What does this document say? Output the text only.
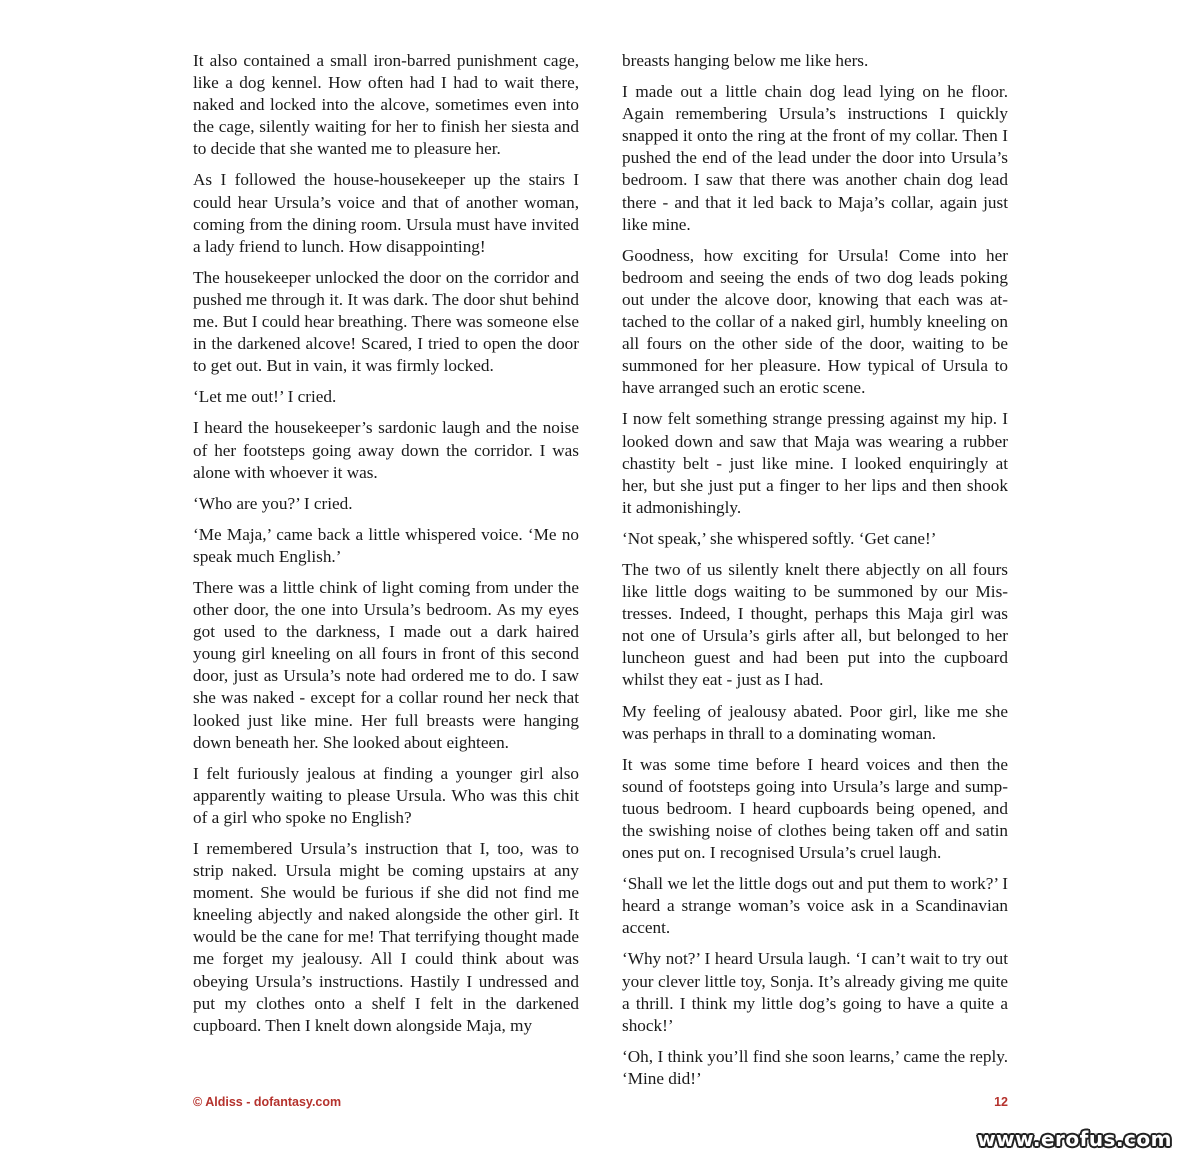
It also contained a small iron-barred punishment cage, like a dog kennel. How often had I had to wait there, naked and locked into the alcove, sometimes even into the cage, silently waiting for her to finish her siesta and to decide that she wanted me to pleasure her.

As I followed the house-housekeeper up the stairs I could hear Ursula’s voice and that of another woman, coming from the dining room. Ursula must have invited a lady friend to lunch. How disappointing!

The housekeeper unlocked the door on the corridor and pushed me through it. It was dark. The door shut behind me. But I could hear breathing. There was someone else in the darkened alcove! Scared, I tried to open the door to get out. But in vain, it was firmly locked.

‘Let me out!’ I cried.

I heard the housekeeper’s sardonic laugh and the noise of her footsteps going away down the corridor. I was alone with whoever it was.

‘Who are you?’ I cried.

‘Me Maja,’ came back a little whispered voice. ‘Me no speak much English.’

There was a little chink of light coming from under the other door, the one into Ursula’s bedroom. As my eyes got used to the darkness, I made out a dark haired young girl kneeling on all fours in front of this second door, just as Ursula’s note had ordered me to do. I saw she was naked - except for a collar round her neck that looked just like mine. Her full breasts were hanging down beneath her. She looked about eighteen.

I felt furiously jealous at finding a younger girl also apparently waiting to please Ursula. Who was this chit of a girl who spoke no English?

I remembered Ursula’s instruction that I, too, was to strip naked. Ursula might be coming upstairs at any moment. She would be furious if she did not find me kneeling abjectly and naked alongside the other girl. It would be the cane for me! That terrifying thought made me forget my jealousy. All I could think about was obeying Ursula’s instructions. Hastily I undressed and put my clothes onto a shelf I felt in the darkened cupboard. Then I knelt down alongside Maja, my

breasts hanging below me like hers.

I made out a little chain dog lead lying on he floor. Again remembering Ursula’s instructions I quickly snapped it onto the ring at the front of my collar. Then I pushed the end of the lead under the door into Ursula’s bedroom. I saw that there was another chain dog lead there - and that it led back to Maja’s collar, again just like mine.

Goodness, how exciting for Ursula! Come into her bedroom and seeing the ends of two dog leads poking out under the alcove door, knowing that each was attached to the collar of a naked girl, humbly kneeling on all fours on the other side of the door, waiting to be summoned for her pleasure. How typical of Ursula to have arranged such an erotic scene.

I now felt something strange pressing against my hip. I looked down and saw that Maja was wearing a rubber chastity belt - just like mine. I looked enquiringly at her, but she just put a finger to her lips and then shook it admonishingly.

‘Not speak,’ she whispered softly. ‘Get cane!’

The two of us silently knelt there abjectly on all fours like little dogs waiting to be summoned by our Mistresses. Indeed, I thought, perhaps this Maja girl was not one of Ursula’s girls after all, but belonged to her luncheon guest and had been put into the cupboard whilst they eat - just as I had.

My feeling of jealousy abated. Poor girl, like me she was perhaps in thrall to a dominating woman.

It was some time before I heard voices and then the sound of footsteps going into Ursula’s large and sumptuous bedroom. I heard cupboards being opened, and the swishing noise of clothes being taken off and satin ones put on. I recognised Ursula’s cruel laugh.

‘Shall we let the little dogs out and put them to work?’ I heard a strange woman’s voice ask in a Scandinavian accent.

‘Why not?’ I heard Ursula laugh. ‘I can’t wait to try out your clever little toy, Sonja. It’s already giving me quite a thrill. I think my little dog’s going to have a quite a shock!’

‘Oh, I think you’ll find she soon learns,’ came the reply. ‘Mine did!’

© Aldiss - dofantasy.com	12
www.erofus.com
